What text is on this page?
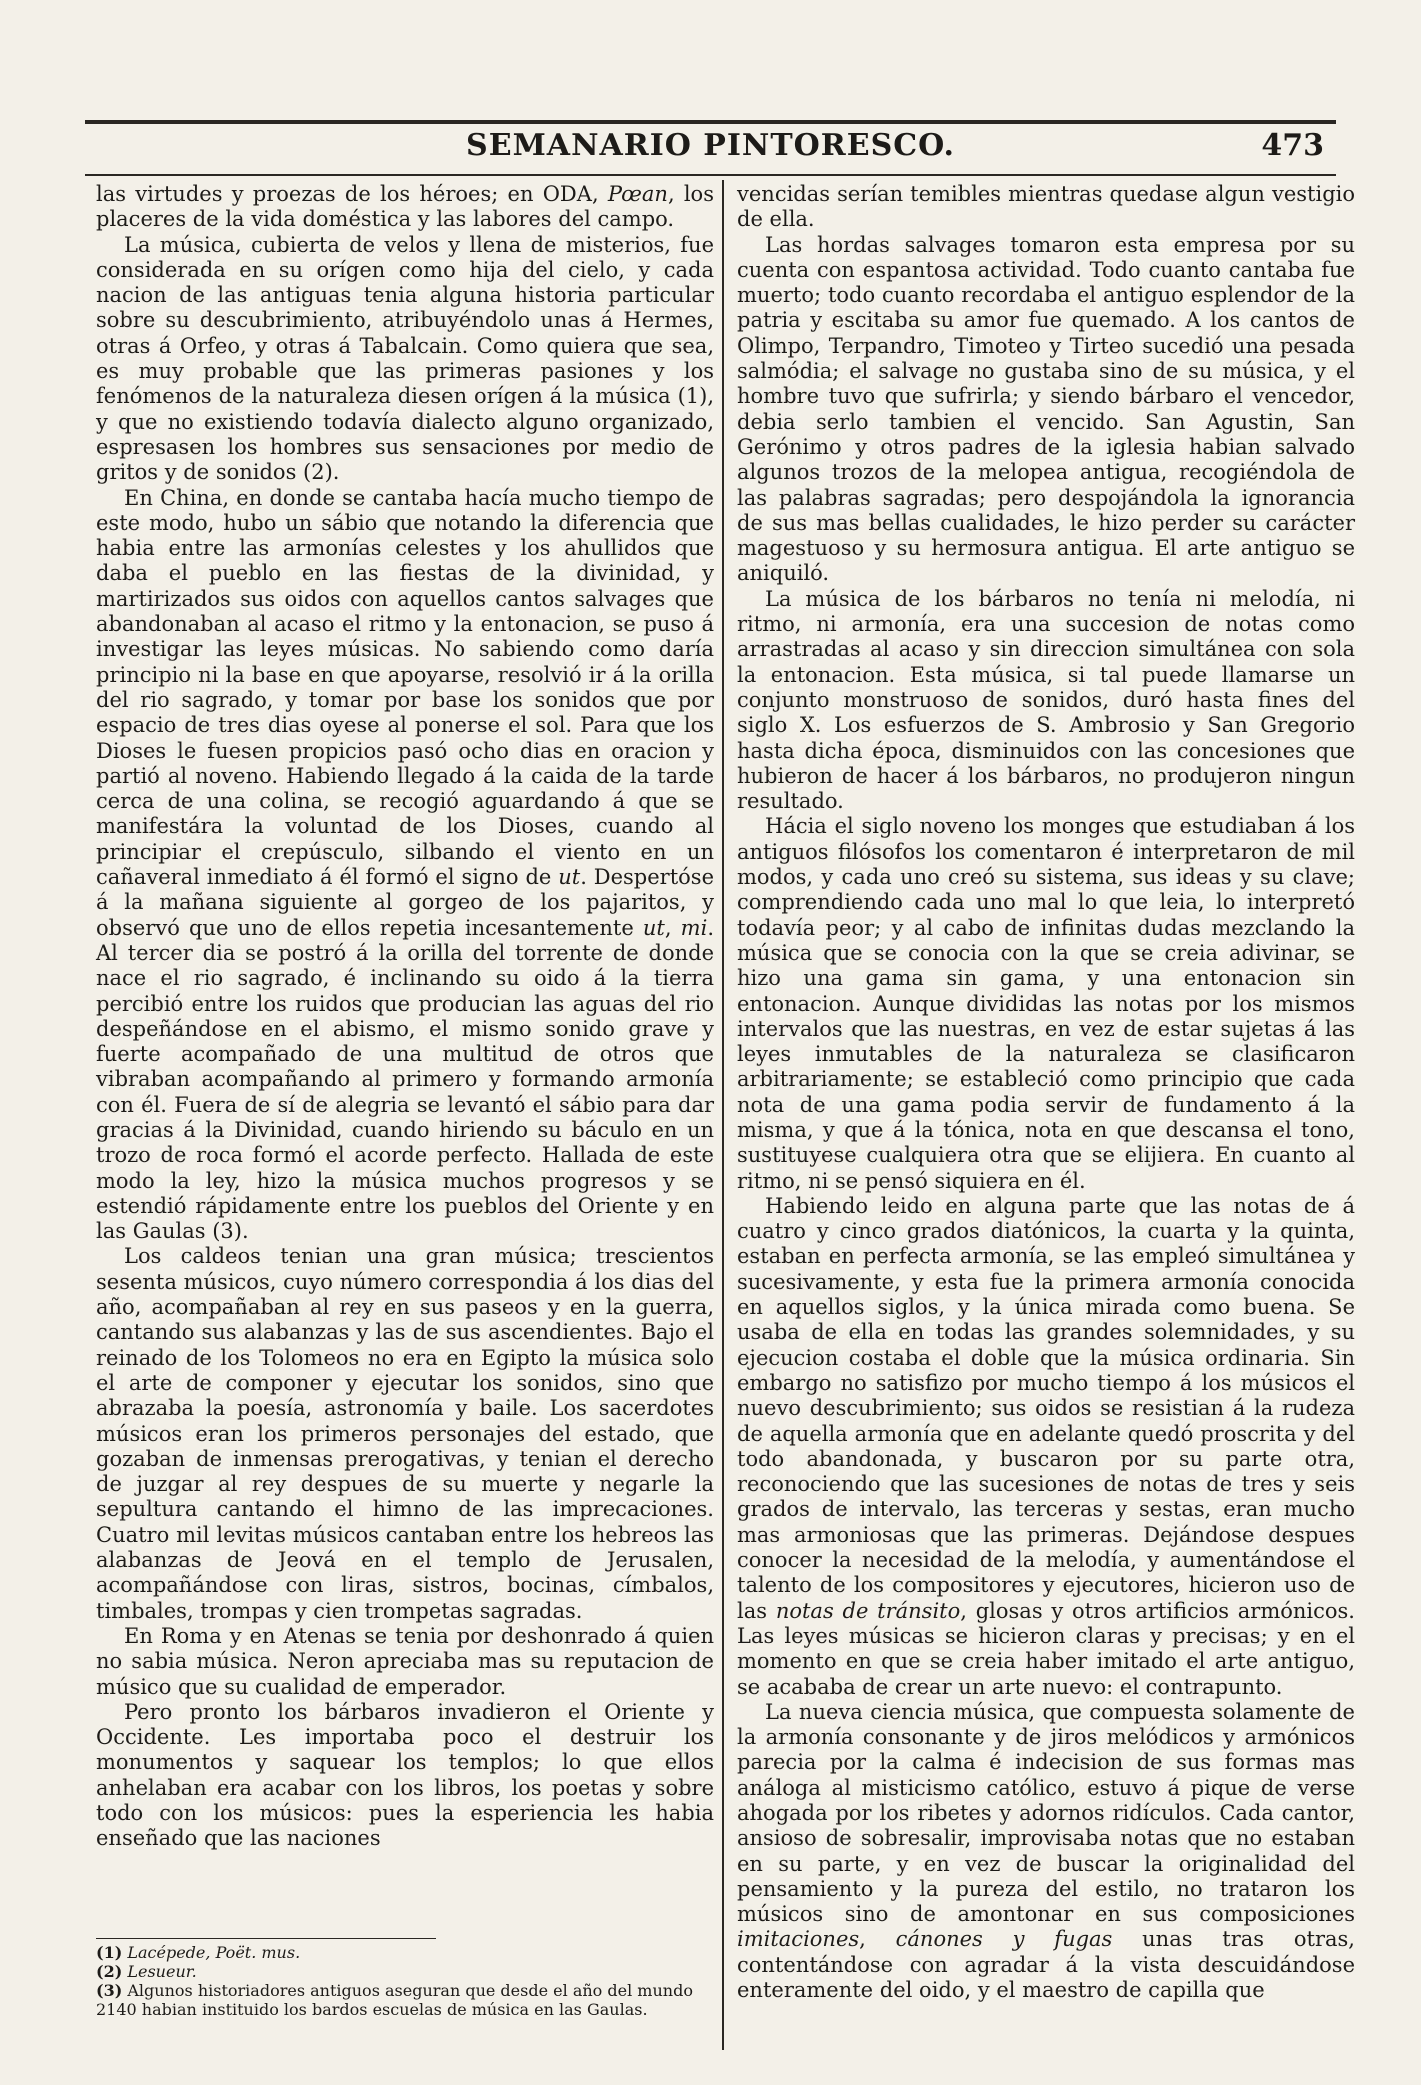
SEMANARIO PINTORESCO.	473

las virtudes y proezas de los héroes; en ODA, Pœan, los placeres de la vida doméstica y las labores del campo.

La música, cubierta de velos y llena de misterios, fue considerada en su orígen como hija del cielo, y cada nacion de las antiguas tenia alguna historia particular sobre su descubrimiento, atribuyéndolo unas á Hermes, otras á Orfeo, y otras á Tabalcain. Como quiera que sea, es muy probable que las primeras pasiones y los fenómenos de la naturaleza diesen orígen á la música (1), y que no existiendo todavía dialecto alguno organizado, espresasen los hombres sus sensaciones por medio de gritos y de sonidos (2).

En China, en donde se cantaba hacía mucho tiempo de este modo, hubo un sábio que notando la diferencia que habia entre las armonías celestes y los ahullidos que daba el pueblo en las fiestas de la divinidad, y martirizados sus oidos con aquellos cantos salvages que abandonaban al acaso el ritmo y la entonacion, se puso á investigar las leyes músicas. No sabiendo como daría principio ni la base en que apoyarse, resolvió ir á la orilla del rio sagrado, y tomar por base los sonidos que por espacio de tres dias oyese al ponerse el sol. Para que los Dioses le fuesen propicios pasó ocho dias en oracion y partió al noveno. Habiendo llegado á la caida de la tarde cerca de una colina, se recogió aguardando á que se manifestára la voluntad de los Dioses, cuando al principiar el crepúsculo, silbando el viento en un cañaveral inmediato á él formó el signo de ut. Despertóse á la mañana siguiente al gorgeo de los pajaritos, y observó que uno de ellos repetia incesantemente ut, mi. Al tercer dia se postró á la orilla del torrente de donde nace el rio sagrado, é inclinando su oido á la tierra percibió entre los ruidos que producian las aguas del rio despeñándose en el abismo, el mismo sonido grave y fuerte acompañado de una multitud de otros que vibraban acompañando al primero y formando armonía con él. Fuera de sí de alegria se levantó el sábio para dar gracias á la Divinidad, cuando hiriendo su báculo en un trozo de roca formó el acorde perfecto. Hallada de este modo la ley, hizo la música muchos progresos y se estendió rápidamente entre los pueblos del Oriente y en las Gaulas (3).

Los caldeos tenian una gran música; trescientos sesenta músicos, cuyo número correspondia á los dias del año, acompañaban al rey en sus paseos y en la guerra, cantando sus alabanzas y las de sus ascendientes. Bajo el reinado de los Tolomeos no era en Egipto la música solo el arte de componer y ejecutar los sonidos, sino que abrazaba la poesía, astronomía y baile. Los sacerdotes músicos eran los primeros personajes del estado, que gozaban de inmensas prerogativas, y tenian el derecho de juzgar al rey despues de su muerte y negarle la sepultura cantando el himno de las imprecaciones. Cuatro mil levitas músicos cantaban entre los hebreos las alabanzas de Jeová en el templo de Jerusalen, acompañándose con liras, sistros, bocinas, címbalos, timbales, trompas y cien trompetas sagradas.

En Roma y en Atenas se tenia por deshonrado á quien no sabia música. Neron apreciaba mas su reputacion de músico que su cualidad de emperador.

Pero pronto los bárbaros invadieron el Oriente y Occidente. Les importaba poco el destruir los monumentos y saquear los templos; lo que ellos anhelaban era acabar con los libros, los poetas y sobre todo con los músicos: pues la esperiencia les habia enseñado que las naciones

vencidas serían temibles mientras quedase algun vestigio de ella.

Las hordas salvages tomaron esta empresa por su cuenta con espantosa actividad. Todo cuanto cantaba fue muerto; todo cuanto recordaba el antiguo esplendor de la patria y escitaba su amor fue quemado. A los cantos de Olimpo, Terpandro, Timoteo y Tirteo sucedió una pesada salmódia; el salvage no gustaba sino de su música, y el hombre tuvo que sufrirla; y siendo bárbaro el vencedor, debia serlo tambien el vencido. San Agustin, San Gerónimo y otros padres de la iglesia habian salvado algunos trozos de la melopea antigua, recogiéndola de las palabras sagradas; pero despojándola la ignorancia de sus mas bellas cualidades, le hizo perder su carácter magestuoso y su hermosura antigua. El arte antiguo se aniquiló.

La música de los bárbaros no tenía ni melodía, ni ritmo, ni armonía, era una succesion de notas como arrastradas al acaso y sin direccion simultánea con sola la entonacion. Esta música, si tal puede llamarse un conjunto monstruoso de sonidos, duró hasta fines del siglo X. Los esfuerzos de S. Ambrosio y San Gregorio hasta dicha época, disminuidos con las concesiones que hubieron de hacer á los bárbaros, no produjeron ningun resultado.

Hácia el siglo noveno los monges que estudiaban á los antiguos filósofos los comentaron é interpretaron de mil modos, y cada uno creó su sistema, sus ideas y su clave; comprendiendo cada uno mal lo que leia, lo interpretó todavía peor; y al cabo de infinitas dudas mezclando la música que se conocia con la que se creia adivinar, se hizo una gama sin gama, y una entonacion sin entonacion. Aunque divididas las notas por los mismos intervalos que las nuestras, en vez de estar sujetas á las leyes inmutables de la naturaleza se clasificaron arbitrariamente; se estableció como principio que cada nota de una gama podia servir de fundamento á la misma, y que á la tónica, nota en que descansa el tono, sustituyese cualquiera otra que se elijiera. En cuanto al ritmo, ni se pensó siquiera en él.

Habiendo leido en alguna parte que las notas de á cuatro y cinco grados diatónicos, la cuarta y la quinta, estaban en perfecta armonía, se las empleó simultánea y sucesivamente, y esta fue la primera armonía conocida en aquellos siglos, y la única mirada como buena. Se usaba de ella en todas las grandes solemnidades, y su ejecucion costaba el doble que la música ordinaria. Sin embargo no satisfizo por mucho tiempo á los músicos el nuevo descubrimiento; sus oidos se resistian á la rudeza de aquella armonía que en adelante quedó proscrita y del todo abandonada, y buscaron por su parte otra, reconociendo que las sucesiones de notas de tres y seis grados de intervalo, las terceras y sestas, eran mucho mas armoniosas que las primeras. Dejándose despues conocer la necesidad de la melodía, y aumentándose el talento de los compositores y ejecutores, hicieron uso de las notas de tránsito, glosas y otros artificios armónicos. Las leyes músicas se hicieron claras y precisas; y en el momento en que se creia haber imitado el arte antiguo, se acababa de crear un arte nuevo: el contrapunto.

La nueva ciencia música, que compuesta solamente de la armonía consonante y de jiros melódicos y armónicos parecia por la calma é indecision de sus formas mas análoga al misticismo católico, estuvo á pique de verse ahogada por los ribetes y adornos ridículos. Cada cantor, ansioso de sobresalir, improvisaba notas que no estaban en su parte, y en vez de buscar la originalidad del pensamiento y la pureza del estilo, no trataron los músicos sino de amontonar en sus composiciones imitaciones, cánones y fugas unas tras otras, contentándose con agradar á la vista descuidándose enteramente del oido, y el maestro de capilla que

(1) Lacépede, Poët. mus.

(2) Lesueur.

(3) Algunos historiadores antiguos aseguran que desde el año del mundo 2140 habian instituido los bardos escuelas de música en las Gaulas.
